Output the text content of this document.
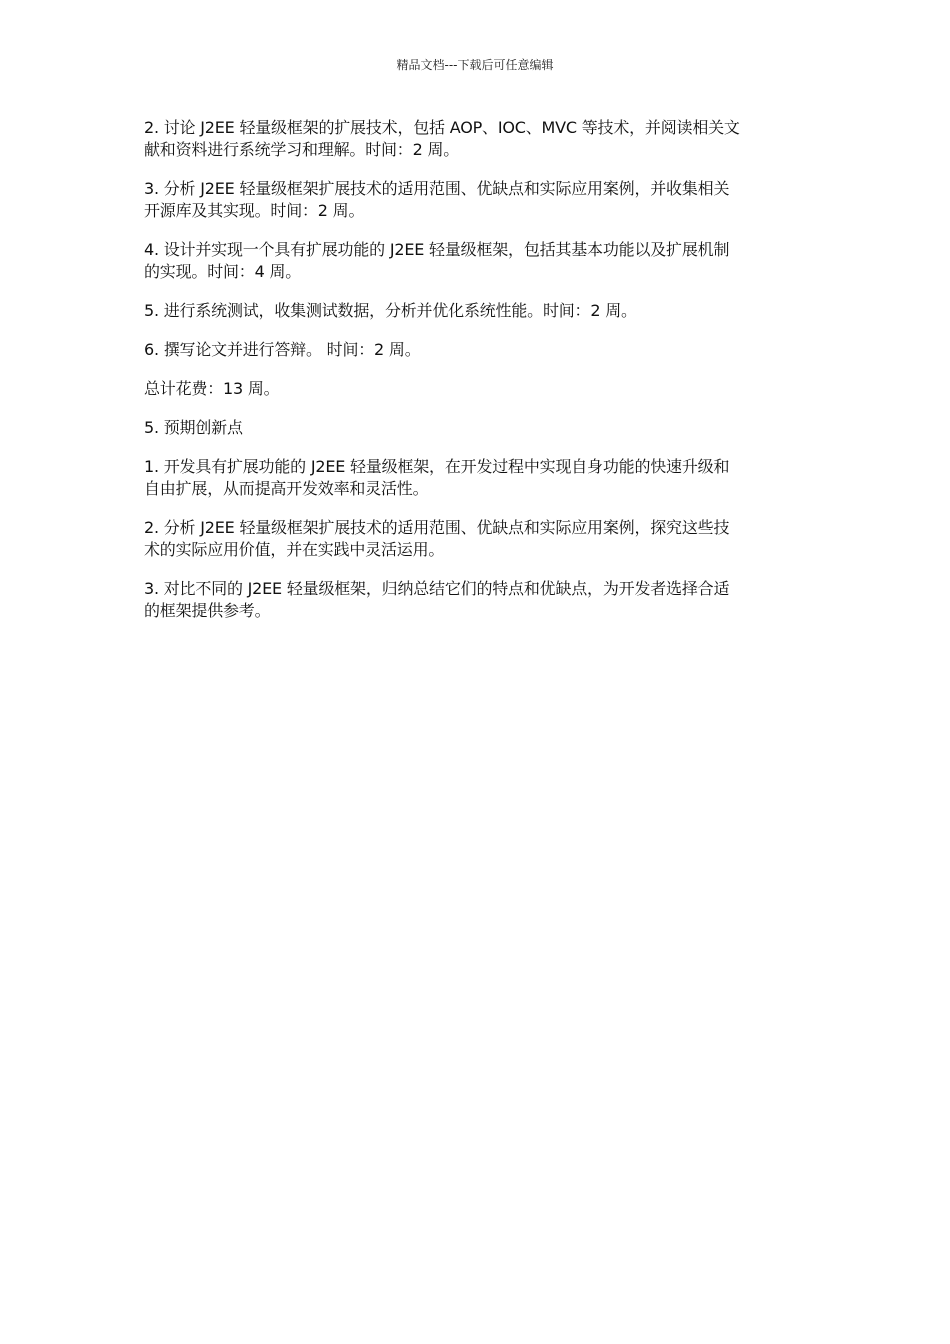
精品文档---下载后可任意编辑

2. 讨论 J2EE 轻量级框架的扩展技术，包括 AOP、IOC、MVC 等技术，并阅读相关文
献和资料进行系统学习和理解。时间：2 周。

3. 分析 J2EE 轻量级框架扩展技术的适用范围、优缺点和实际应用案例，并收集相关
开源库及其实现。时间：2 周。

4. 设计并实现一个具有扩展功能的 J2EE 轻量级框架，包括其基本功能以及扩展机制
的实现。时间：4 周。

5. 进行系统测试，收集测试数据，分析并优化系统性能。时间：2 周。

6. 撰写论文并进行答辩。 时间：2 周。

总计花费：13 周。

5. 预期创新点

1. 开发具有扩展功能的 J2EE 轻量级框架，在开发过程中实现自身功能的快速升级和
自由扩展，从而提高开发效率和灵活性。

2. 分析 J2EE 轻量级框架扩展技术的适用范围、优缺点和实际应用案例，探究这些技
术的实际应用价值，并在实践中灵活运用。

3. 对比不同的 J2EE 轻量级框架，归纳总结它们的特点和优缺点，为开发者选择合适
的框架提供参考。
